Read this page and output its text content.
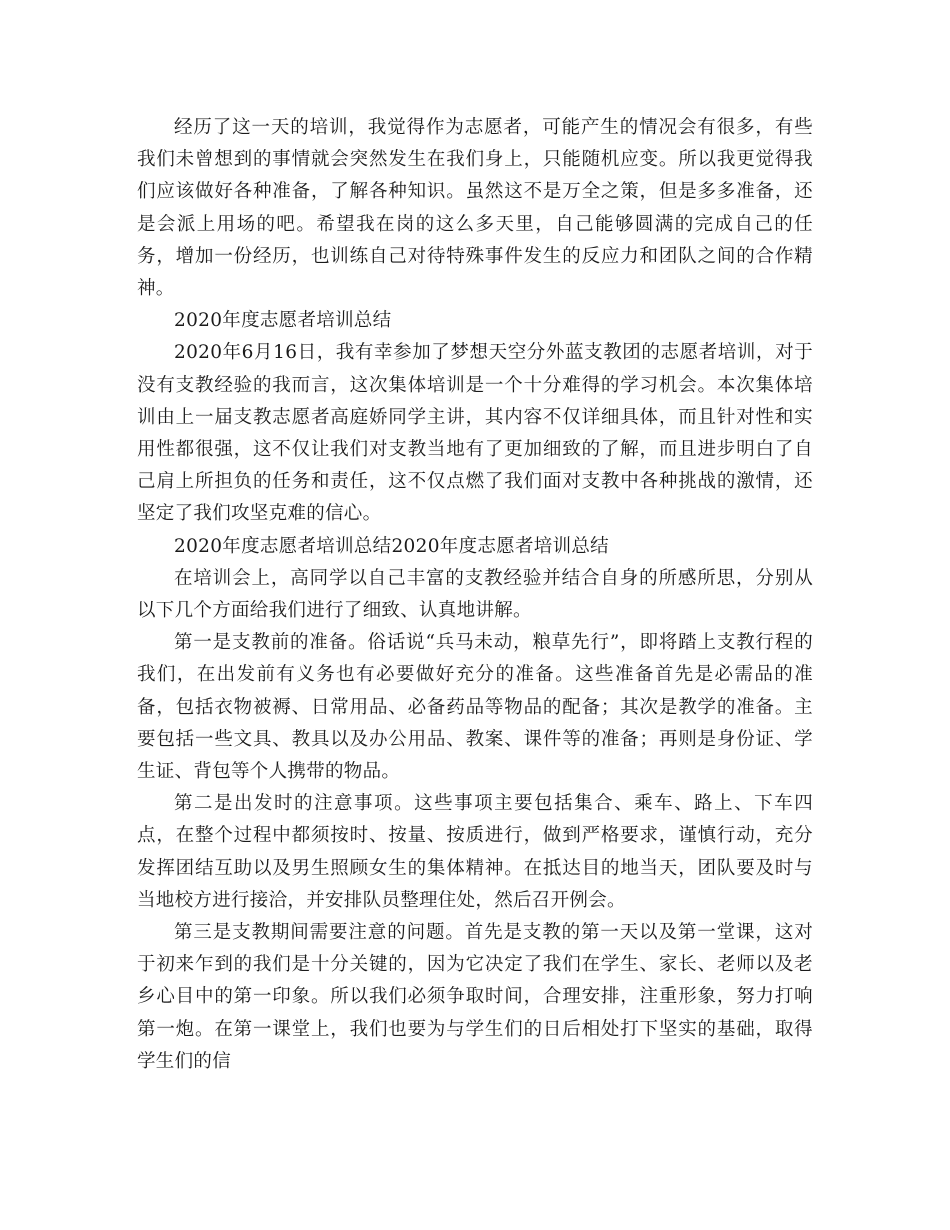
经历了这一天的培训，我觉得作为志愿者，可能产生的情况会有很多，有些我们未曾想到的事情就会突然发生在我们身上，只能随机应变。所以我更觉得我们应该做好各种准备，了解各种知识。虽然这不是万全之策，但是多多准备，还是会派上用场的吧。希望我在岗的这么多天里，自己能够圆满的完成自己的任务，增加一份经历，也训练自己对待特殊事件发生的反应力和团队之间的合作精神。

2020年度志愿者培训总结

2020年6月16日，我有幸参加了梦想天空分外蓝支教团的志愿者培训，对于没有支教经验的我而言，这次集体培训是一个十分难得的学习机会。本次集体培训由上一届支教志愿者高庭娇同学主讲，其内容不仅详细具体，而且针对性和实用性都很强，这不仅让我们对支教当地有了更加细致的了解，而且进步明白了自己肩上所担负的任务和责任，这不仅点燃了我们面对支教中各种挑战的激情，还坚定了我们攻坚克难的信心。

2020年度志愿者培训总结2020年度志愿者培训总结

在培训会上，高同学以自己丰富的支教经验并结合自身的所感所思，分别从以下几个方面给我们进行了细致、认真地讲解。

第一是支教前的准备。俗话说“兵马未动，粮草先行”，即将踏上支教行程的我们，在出发前有义务也有必要做好充分的准备。这些准备首先是必需品的准备，包括衣物被褥、日常用品、必备药品等物品的配备；其次是教学的准备。主要包括一些文具、教具以及办公用品、教案、课件等的准备；再则是身份证、学生证、背包等个人携带的物品。

第二是出发时的注意事项。这些事项主要包括集合、乘车、路上、下车四点，在整个过程中都须按时、按量、按质进行，做到严格要求，谨慎行动，充分发挥团结互助以及男生照顾女生的集体精神。在抵达目的地当天，团队要及时与当地校方进行接洽，并安排队员整理住处，然后召开例会。

第三是支教期间需要注意的问题。首先是支教的第一天以及第一堂课，这对于初来乍到的我们是十分关键的，因为它决定了我们在学生、家长、老师以及老乡心目中的第一印象。所以我们必须争取时间，合理安排，注重形象，努力打响第一炮。在第一课堂上，我们也要为与学生们的日后相处打下坚实的基础，取得学生们的信
